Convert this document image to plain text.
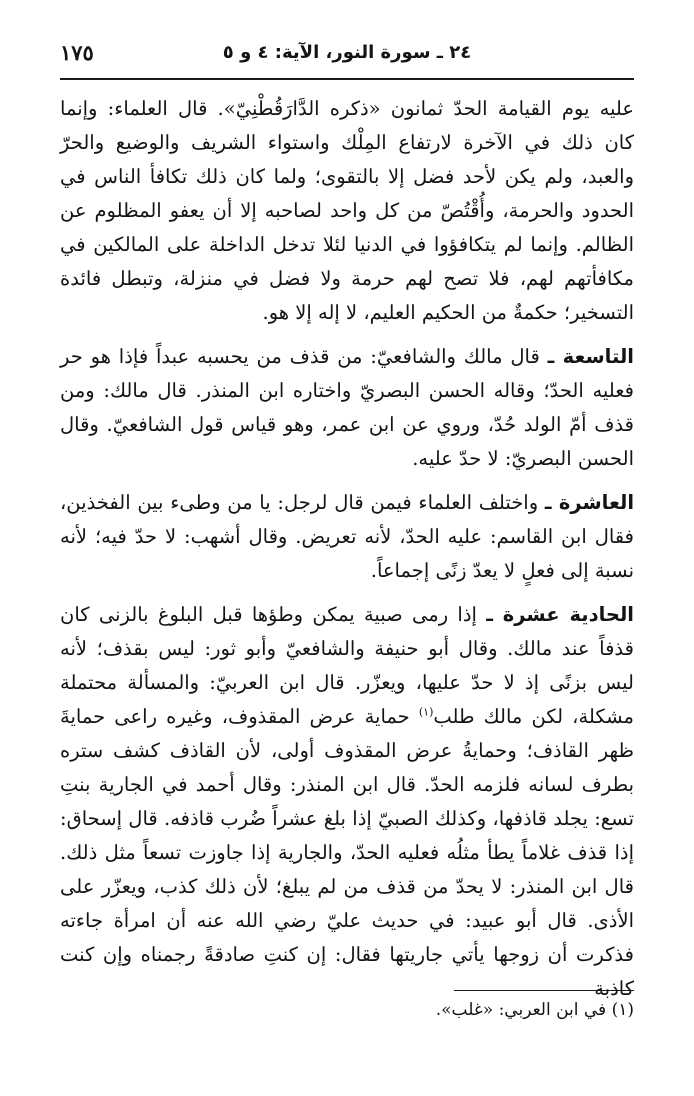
٢٤ ـ سورة النور، الآية: ٤ و ٥
١٧٥

عليه يوم القيامة الحدّ ثمانون «ذكره الدَّارَقُطْنِيّ». قال العلماء: وإنما كان ذلك في الآخرة لارتفاع المِلْك واستواء الشريف والوضيع والحرّ والعبد، ولم يكن لأحد فضل إلا بالتقوى؛ ولما كان ذلك تكافأ الناس في الحدود والحرمة، وأُقْتُصّ من كل واحد لصاحبه إلا أن يعفو المظلوم عن الظالم. وإنما لم يتكافؤوا في الدنيا لئلا تدخل الداخلة على المالكين في مكافأتهم لهم، فلا تصح لهم حرمة ولا فضل في منزلة، وتبطل فائدة التسخير؛ حكمةٌ من الحكيم العليم، لا إله إلا هو.

التاسعة ـ قال مالك والشافعيّ: من قذف من يحسبه عبداً فإذا هو حر فعليه الحدّ؛ وقاله الحسن البصريّ واختاره ابن المنذر. قال مالك: ومن قذف أمّ الولد حُدّ، وروي عن ابن عمر، وهو قياس قول الشافعيّ. وقال الحسن البصريّ: لا حدّ عليه.

العاشرة ـ واختلف العلماء فيمن قال لرجل: يا من وطىء بين الفخذين، فقال ابن القاسم: عليه الحدّ، لأنه تعريض. وقال أشهب: لا حدّ فيه؛ لأنه نسبة إلى فعلٍ لا يعدّ زنًى إجماعاً.

الحادية عشرة ـ إذا رمى صبية يمكن وطؤها قبل البلوغ بالزنى كان قذفاً عند مالك. وقال أبو حنيفة والشافعيّ وأبو ثور: ليس بقذف؛ لأنه ليس بزنًى إذ لا حدّ عليها، ويعزّر. قال ابن العربيّ: والمسألة محتملة مشكلة، لكن مالك طلب$^{(١)}$ حماية عرض المقذوف، وغيره راعى حمايةَ ظهر القاذف؛ وحمايةُ عرض المقذوف أولى، لأن القاذف كشف ستره بطرف لسانه فلزمه الحدّ. قال ابن المنذر: وقال أحمد في الجارية بنتِ تسع: يجلد قاذفها، وكذلك الصبيّ إذا بلغ عشراً ضُرب قاذفه. قال إسحاق: إذا قذف غلاماً يطأ مثلُه فعليه الحدّ، والجارية إذا جاوزت تسعاً مثل ذلك. قال ابن المنذر: لا يحدّ من قذف من لم يبلغ؛ لأن ذلك كذب، ويعزّر على الأذى. قال أبو عبيد: في حديث عليّ رضي الله عنه أن امرأة جاءته فذكرت أن زوجها يأتي جاريتها فقال: إن كنتِ صادقةً رجمناه وإن كنت كاذبة

(١) في ابن العربي: «غلب».
